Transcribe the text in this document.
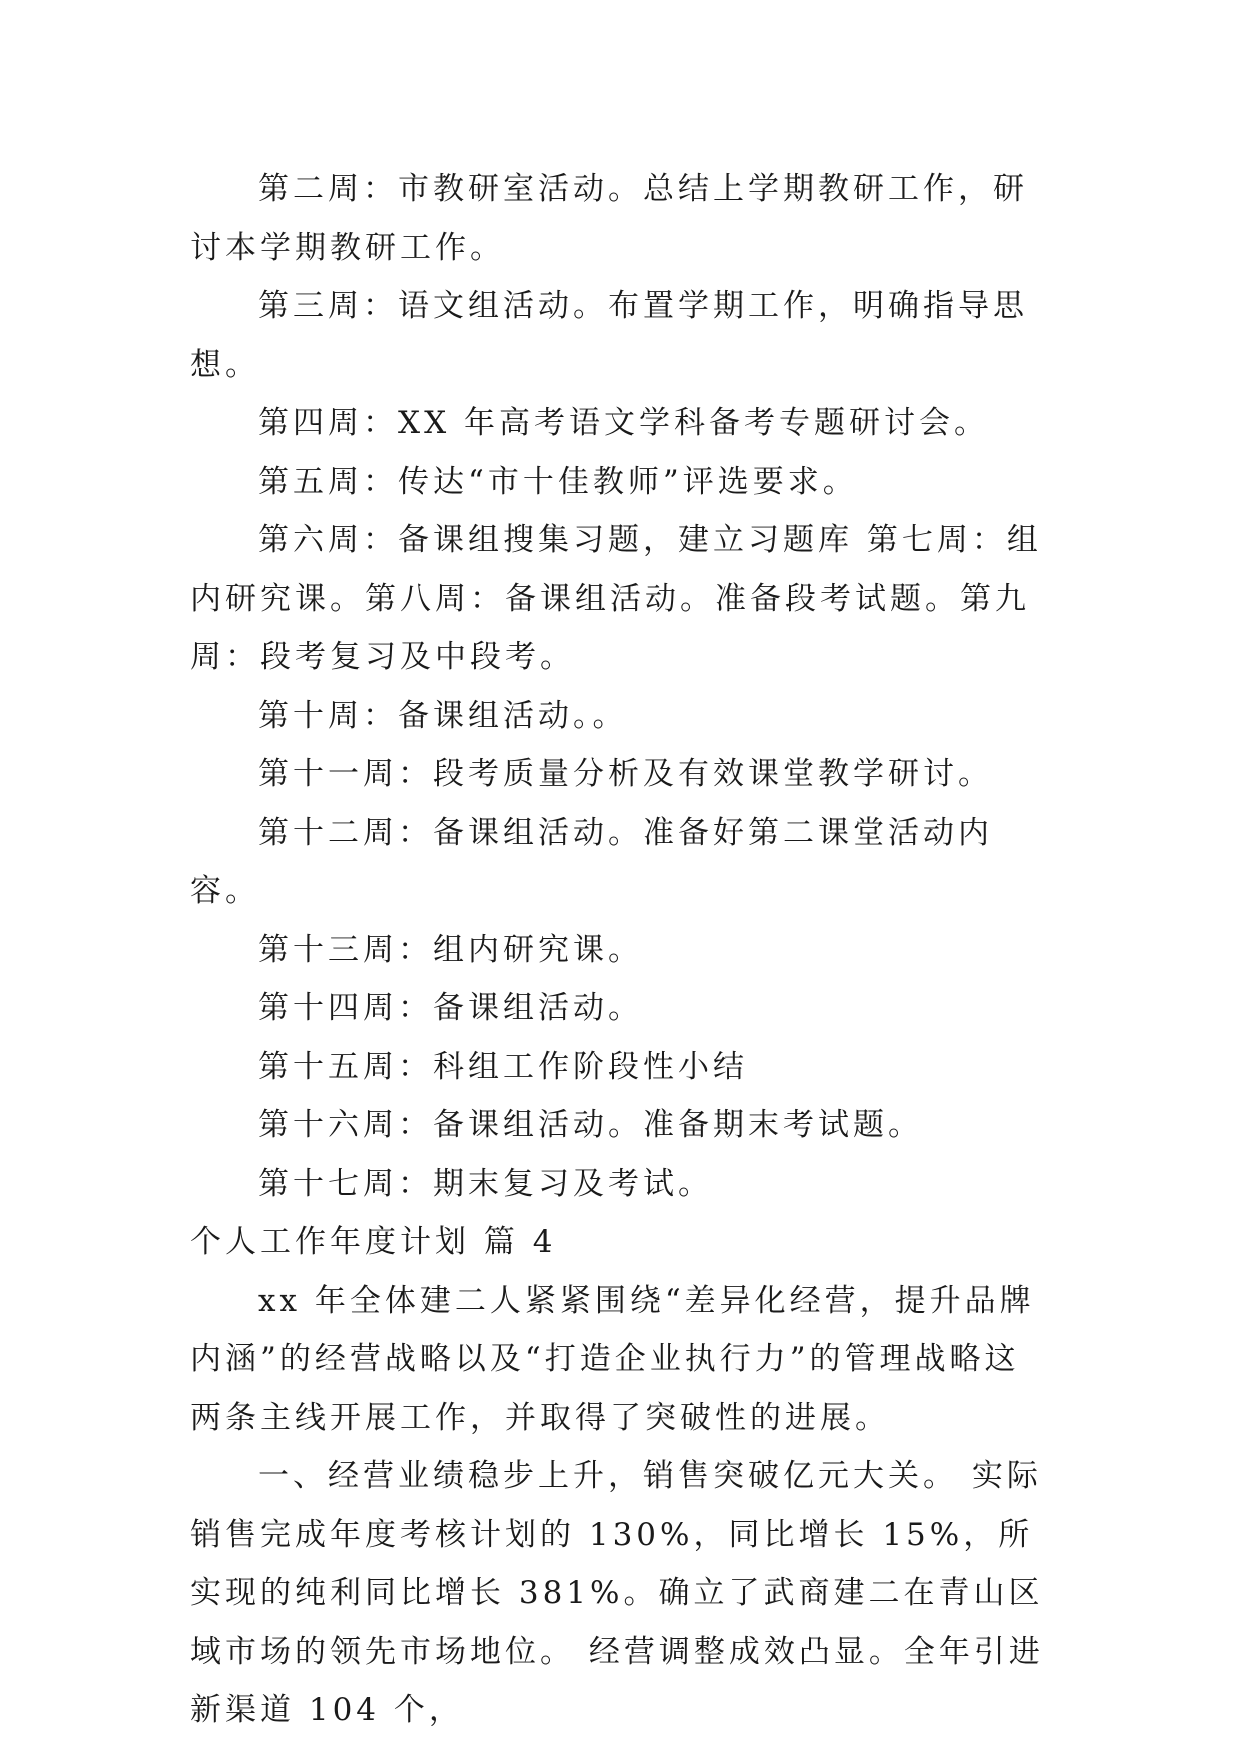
第二周：市教研室活动。总结上学期教研工作，研讨本学期教研工作。

第三周：语文组活动。布置学期工作，明确指导思想。

第四周：XX 年高考语文学科备考专题研讨会。

第五周：传达“市十佳教师”评选要求。

第六周：备课组搜集习题，建立习题库 第七周：组内研究课。第八周：备课组活动。准备段考试题。第九周：段考复习及中段考。

第十周：备课组活动。。

第十一周：段考质量分析及有效课堂教学研讨。

第十二周：备课组活动。准备好第二课堂活动内容。

第十三周：组内研究课。

第十四周：备课组活动。

第十五周：科组工作阶段性小结

第十六周：备课组活动。准备期末考试题。

第十七周：期末复习及考试。

个人工作年度计划 篇 4

xx 年全体建二人紧紧围绕“差异化经营，提升品牌内涵”的经营战略以及“打造企业执行力”的管理战略这两条主线开展工作，并取得了突破性的进展。

一、经营业绩稳步上升，销售突破亿元大关。 实际销售完成年度考核计划的 130%，同比增长 15%，所实现的纯利同比增长 381%。确立了武商建二在青山区域市场的领先市场地位。 经营调整成效凸显。全年引进新渠道 104 个，
